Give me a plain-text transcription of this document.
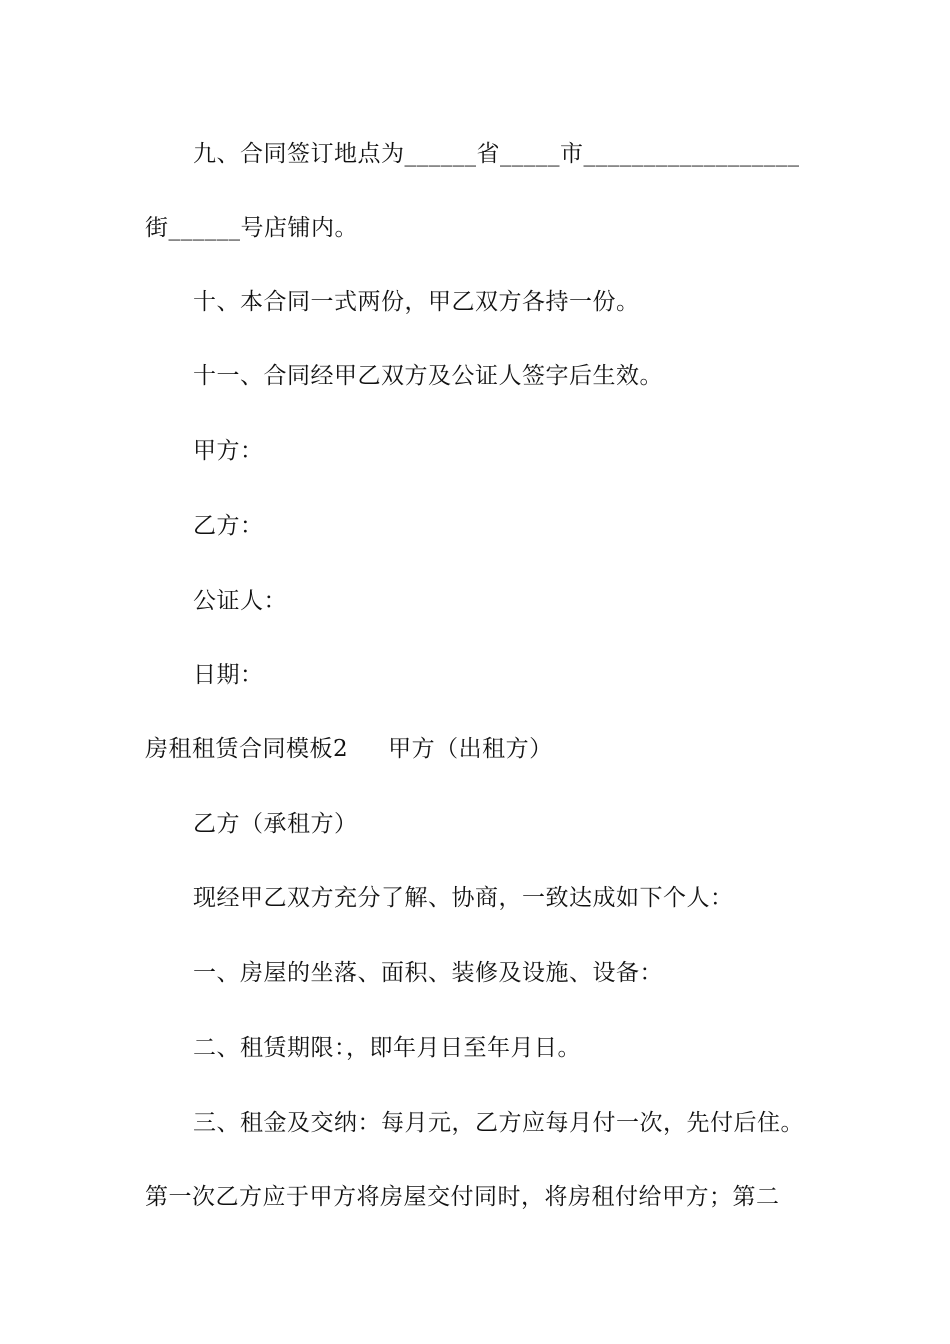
九、合同签订地点为______省_____市__________________
街______号店铺内。
十、本合同一式两份，甲乙双方各持一份。
十一、合同经甲乙双方及公证人签字后生效。
甲方：
乙方：
公证人：
日期：
房租租赁合同模板2 甲方（出租方）
乙方（承租方）
现经甲乙双方充分了解、协商，一致达成如下个人：
一、房屋的坐落、面积、装修及设施、设备：
二、租赁期限：，即年月日至年月日。
三、租金及交纳：每月元，乙方应每月付一次，先付后住。
第一次乙方应于甲方将房屋交付同时，将房租付给甲方；第二
